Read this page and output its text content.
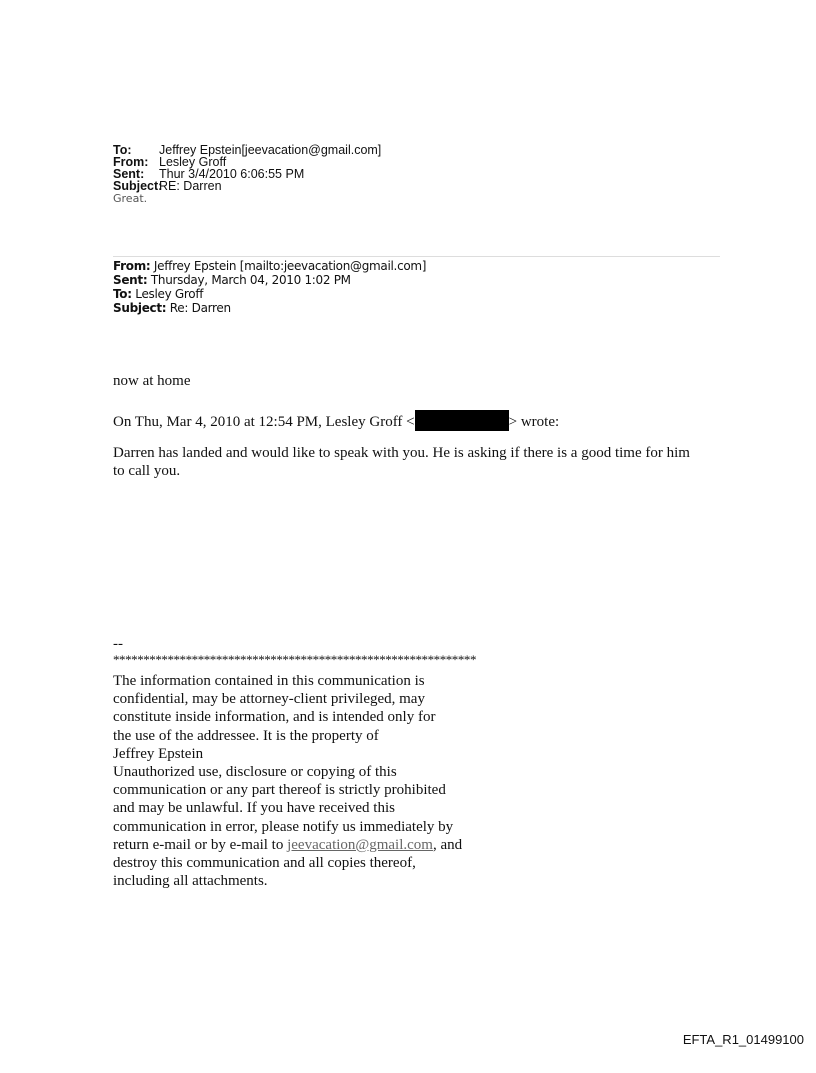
To: Jeffrey Epstein[jeevacation@gmail.com]
From: Lesley Groff
Sent: Thur 3/4/2010 6:06:55 PM
Subject:RE: Darren
Great.
From: Jeffrey Epstein [mailto:jeevacation@gmail.com]
Sent: Thursday, March 04, 2010 1:02 PM
To: Lesley Groff
Subject: Re: Darren
now at home
On Thu, Mar 4, 2010 at 12:54 PM, Lesley Groff <	> wrote:
Darren has landed and would like to speak with you. He is asking if there is a good time for him
to call you.
--
************************************************************
The information contained in this communication is
confidential, may be attorney-client privileged, may
constitute inside information, and is intended only for
the use of the addressee. It is the property of
Jeffrey Epstein
Unauthorized use, disclosure or copying of this
communication or any part thereof is strictly prohibited
and may be unlawful. If you have received this
communication in error, please notify us immediately by
return e-mail or by e-mail to jeevacation@gmail.com, and
destroy this communication and all copies thereof,
including all attachments.
EFTA_R1_01499100
